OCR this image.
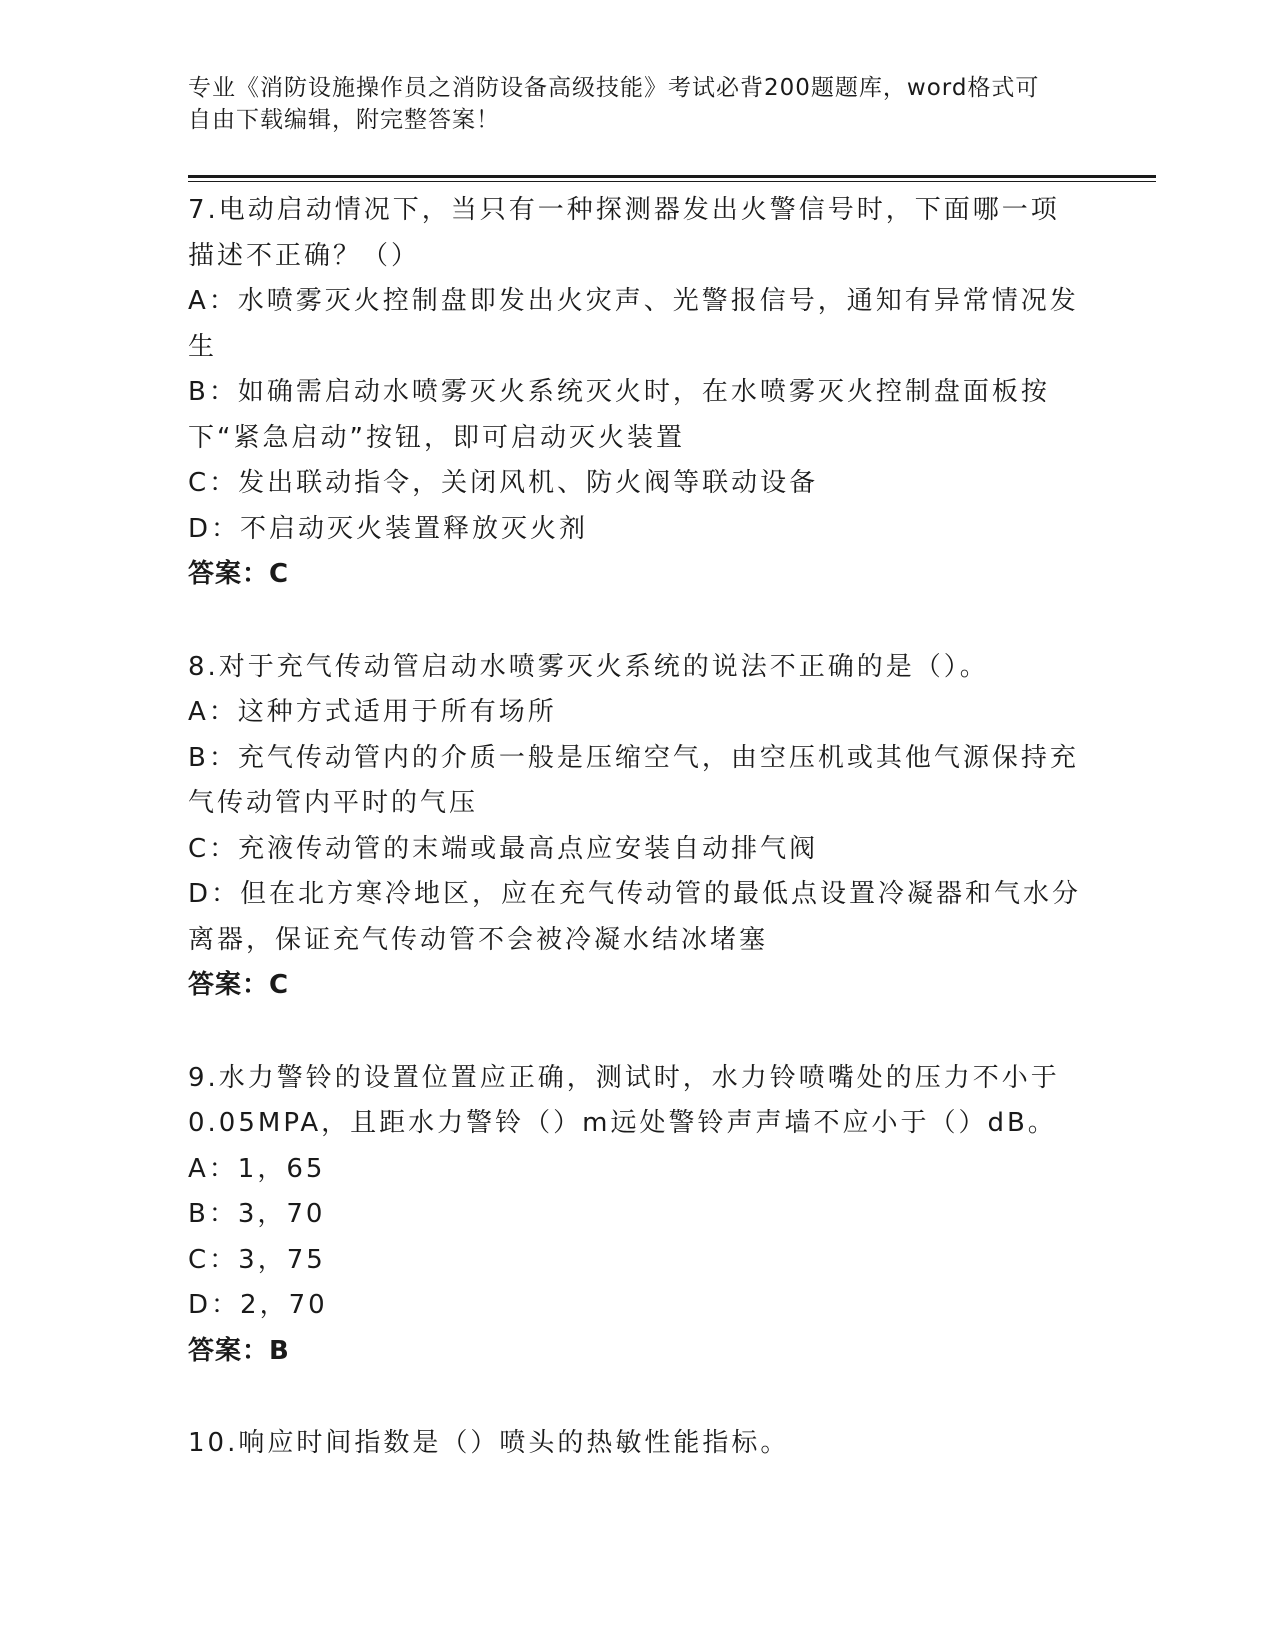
专业《消防设施操作员之消防设备高级技能》考试必背200题题库，word格式可
自由下载编辑，附完整答案！
7.电动启动情况下，当只有一种探测器发出火警信号时，下面哪一项描述不正确？（）
A：水喷雾灭火控制盘即发出火灾声、光警报信号，通知有异常情况发生
B：如确需启动水喷雾灭火系统灭火时，在水喷雾灭火控制盘面板按下“紧急启动”按钮，即可启动灭火装置
C：发出联动指令，关闭风机、防火阀等联动设备
D：不启动灭火装置释放灭火剂
答案：C
8.对于充气传动管启动水喷雾灭火系统的说法不正确的是（）。
A：这种方式适用于所有场所
B：充气传动管内的介质一般是压缩空气，由空压机或其他气源保持充气传动管内平时的气压
C：充液传动管的末端或最高点应安装自动排气阀
D：但在北方寒冷地区，应在充气传动管的最低点设置冷凝器和气水分离器，保证充气传动管不会被冷凝水结冰堵塞
答案：C
9.水力警铃的设置位置应正确，测试时，水力铃喷嘴处的压力不小于0.05MPA，且距水力警铃（）m远处警铃声声墙不应小于（）dB。
A：1，65
B：3，70
C：3，75
D：2，70
答案：B
10.响应时间指数是（）喷头的热敏性能指标。
